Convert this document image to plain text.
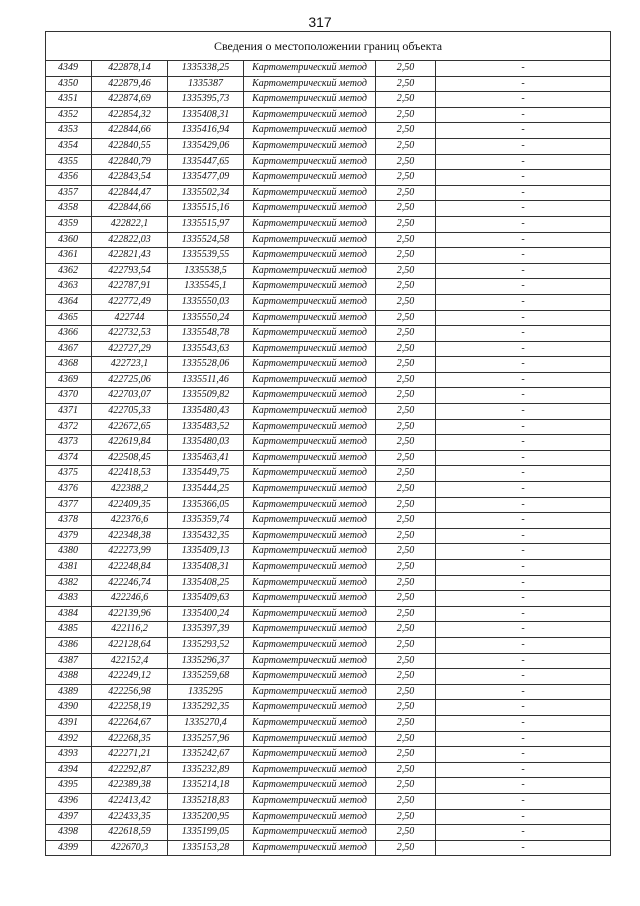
317
Сведения о местоположении границ объекта					
4349	422878,14	1335338,25	Картометрический метод	2,50	-
4350	422879,46	1335387	Картометрический метод	2,50	-
4351	422874,69	1335395,73	Картометрический метод	2,50	-
4352	422854,32	1335408,31	Картометрический метод	2,50	-
4353	422844,66	1335416,94	Картометрический метод	2,50	-
4354	422840,55	1335429,06	Картометрический метод	2,50	-
4355	422840,79	1335447,65	Картометрический метод	2,50	-
4356	422843,54	1335477,09	Картометрический метод	2,50	-
4357	422844,47	1335502,34	Картометрический метод	2,50	-
4358	422844,66	1335515,16	Картометрический метод	2,50	-
4359	422822,1	1335515,97	Картометрический метод	2,50	-
4360	422822,03	1335524,58	Картометрический метод	2,50	-
4361	422821,43	1335539,55	Картометрический метод	2,50	-
4362	422793,54	1335538,5	Картометрический метод	2,50	-
4363	422787,91	1335545,1	Картометрический метод	2,50	-
4364	422772,49	1335550,03	Картометрический метод	2,50	-
4365	422744	1335550,24	Картометрический метод	2,50	-
4366	422732,53	1335548,78	Картометрический метод	2,50	-
4367	422727,29	1335543,63	Картометрический метод	2,50	-
4368	422723,1	1335528,06	Картометрический метод	2,50	-
4369	422725,06	1335511,46	Картометрический метод	2,50	-
4370	422703,07	1335509,82	Картометрический метод	2,50	-
4371	422705,33	1335480,43	Картометрический метод	2,50	-
4372	422672,65	1335483,52	Картометрический метод	2,50	-
4373	422619,84	1335480,03	Картометрический метод	2,50	-
4374	422508,45	1335463,41	Картометрический метод	2,50	-
4375	422418,53	1335449,75	Картометрический метод	2,50	-
4376	422388,2	1335444,25	Картометрический метод	2,50	-
4377	422409,35	1335366,05	Картометрический метод	2,50	-
4378	422376,6	1335359,74	Картометрический метод	2,50	-
4379	422348,38	1335432,35	Картометрический метод	2,50	-
4380	422273,99	1335409,13	Картометрический метод	2,50	-
4381	422248,84	1335408,31	Картометрический метод	2,50	-
4382	422246,74	1335408,25	Картометрический метод	2,50	-
4383	422246,6	1335409,63	Картометрический метод	2,50	-
4384	422139,96	1335400,24	Картометрический метод	2,50	-
4385	422116,2	1335397,39	Картометрический метод	2,50	-
4386	422128,64	1335293,52	Картометрический метод	2,50	-
4387	422152,4	1335296,37	Картометрический метод	2,50	-
4388	422249,12	1335259,68	Картометрический метод	2,50	-
4389	422256,98	1335295	Картометрический метод	2,50	-
4390	422258,19	1335292,35	Картометрический метод	2,50	-
4391	422264,67	1335270,4	Картометрический метод	2,50	-
4392	422268,35	1335257,96	Картометрический метод	2,50	-
4393	422271,21	1335242,67	Картометрический метод	2,50	-
4394	422292,87	1335232,89	Картометрический метод	2,50	-
4395	422389,38	1335214,18	Картометрический метод	2,50	-
4396	422413,42	1335218,83	Картометрический метод	2,50	-
4397	422433,35	1335200,95	Картометрический метод	2,50	-
4398	422618,59	1335199,05	Картометрический метод	2,50	-
4399	422670,3	1335153,28	Картометрический метод	2,50	-
